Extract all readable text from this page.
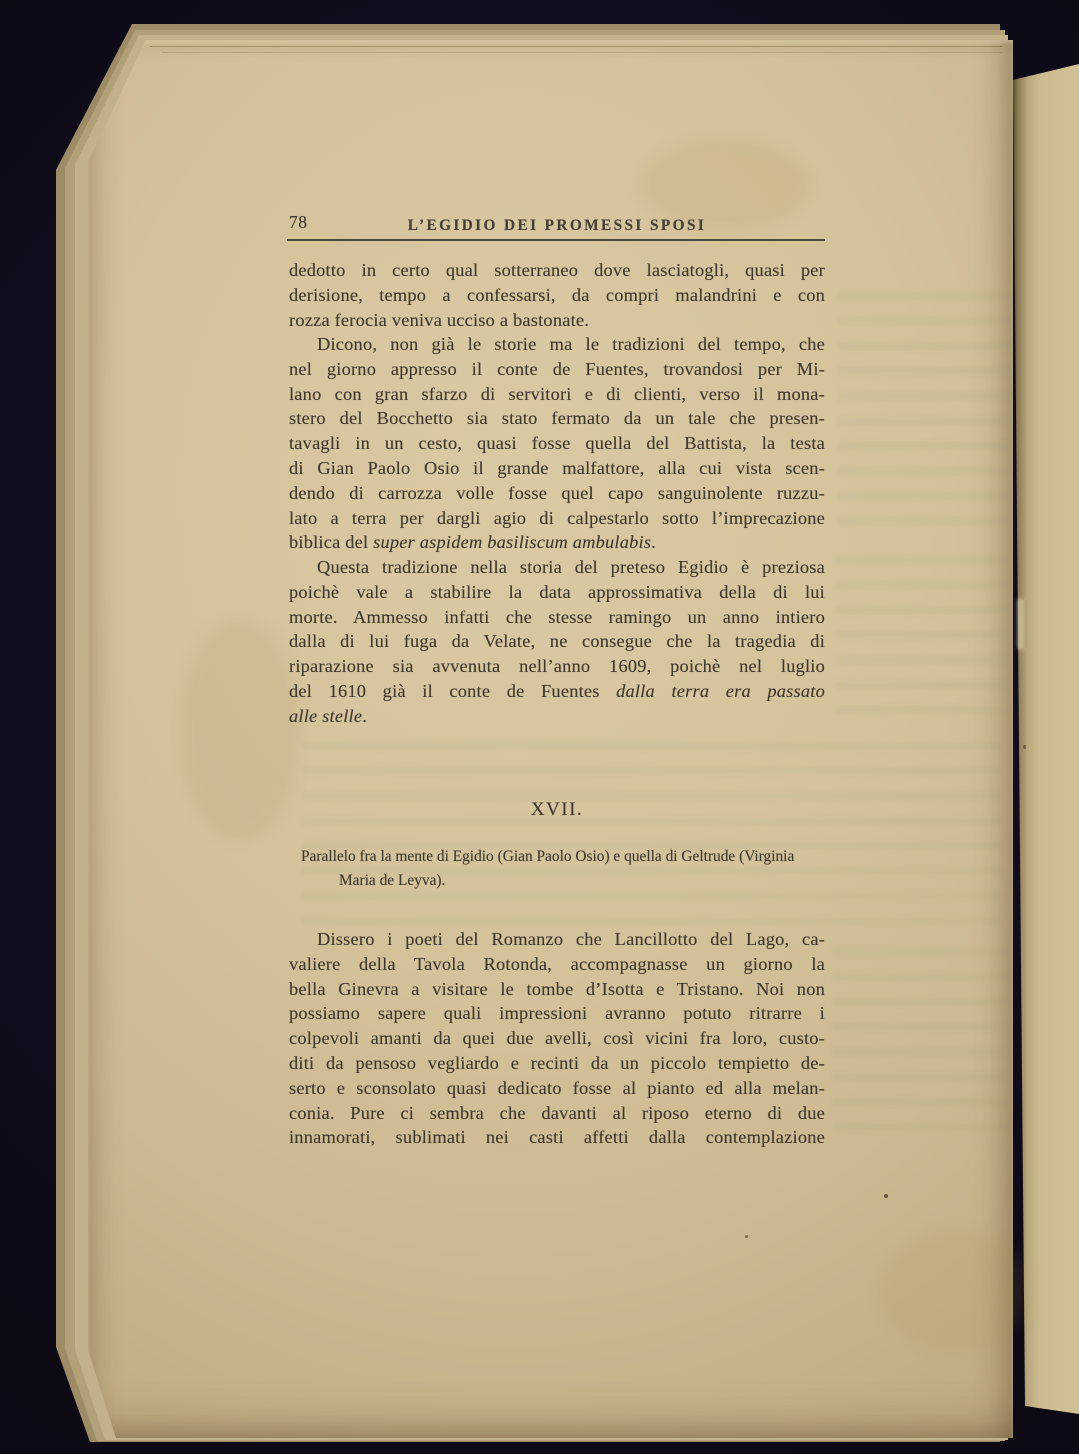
78	L’EGIDIO DEI PROMESSI SPOSI
dedotto in certo qual sotterraneo dove lasciatogli, quasi per
derisione, tempo a confessarsi, da compri malandrini e con
rozza ferocia veniva ucciso a bastonate.
Dicono, non già le storie ma le tradizioni del tempo, che
nel giorno appresso il conte de Fuentes, trovandosi per Mi-
lano con gran sfarzo di servitori e di clienti, verso il mona-
stero del Bocchetto sia stato fermato da un tale che presen-
tavagli in un cesto, quasi fosse quella del Battista, la testa
di Gian Paolo Osio il grande malfattore, alla cui vista scen-
dendo di carrozza volle fosse quel capo sanguinolente ruzzu-
lato a terra per dargli agio di calpestarlo sotto l’imprecazione
biblica del super aspidem basiliscum ambulabis.
Questa tradizione nella storia del preteso Egidio è preziosa
poichè vale a stabilire la data approssimativa della di lui
morte. Ammesso infatti che stesse ramingo un anno intiero
dalla di lui fuga da Velate, ne consegue che la tragedia di
riparazione sia avvenuta nell’anno 1609, poichè nel luglio
del 1610 già il conte de Fuentes dalla terra era passato
alle stelle.
Dissero i poeti del Romanzo che Lancillotto del Lago, ca-
valiere della Tavola Rotonda, accompagnasse un giorno la
bella Ginevra a visitare le tombe d’Isotta e Tristano. Noi non
possiamo sapere quali impressioni avranno potuto ritrarre i
colpevoli amanti da quei due avelli, così vicini fra loro, custo-
diti da pensoso vegliardo e recinti da un piccolo tempietto de-
serto e sconsolato quasi dedicato fosse al pianto ed alla melan-
conia. Pure ci sembra che davanti al riposo eterno di due
innamorati, sublimati nei casti affetti dalla contemplazione
XVII.
Parallelo fra la mente di Egidio (Gian Paolo Osio) e quella di Geltrude (Virginia
Maria de Leyva).
